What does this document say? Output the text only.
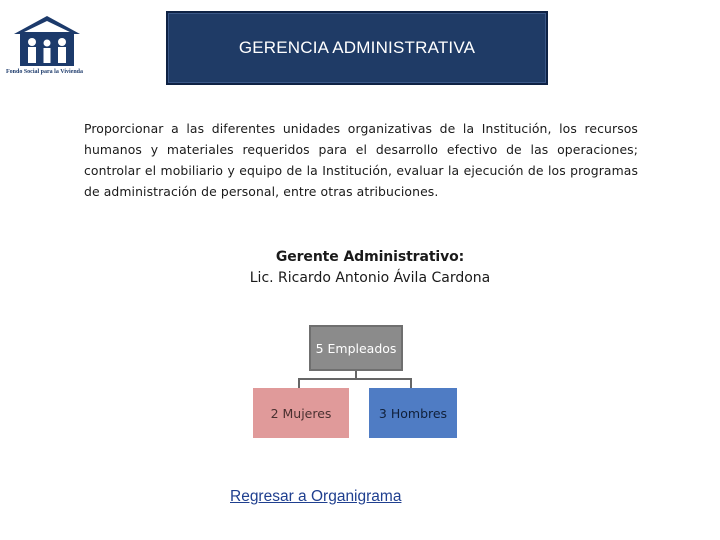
Fondo Social para la Vivienda
GERENCIA ADMINISTRATIVA

Proporcionar a las diferentes unidades organizativas de la Institución, los recursos humanos y materiales requeridos para el desarrollo efectivo de las operaciones; controlar el mobiliario y equipo de la Institución, evaluar la ejecución de los programas de administración de personal, entre otras atribuciones.

Gerente Administrativo:
Lic. Ricardo Antonio Ávila Cardona
5 Empleados
2 Mujeres	3 Hombres
Regresar a Organigrama
